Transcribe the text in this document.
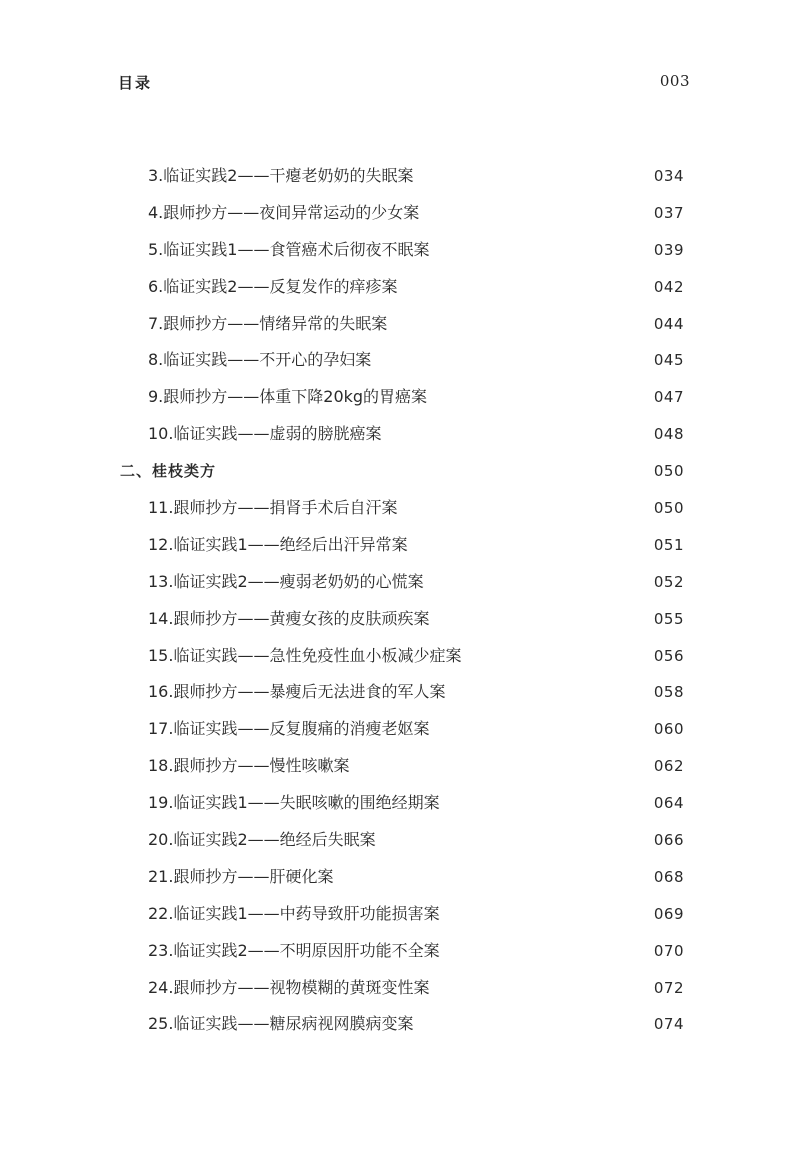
目录	003
3.临证实践2——干瘪老奶奶的失眠案	034
4.跟师抄方——夜间异常运动的少女案	037
5.临证实践1——食管癌术后彻夜不眠案	039
6.临证实践2——反复发作的痒疹案	042
7.跟师抄方——情绪异常的失眠案	044
8.临证实践——不开心的孕妇案	045
9.跟师抄方——体重下降20kg的胃癌案	047
10.临证实践——虚弱的膀胱癌案	048
二、桂枝类方	050
11.跟师抄方——捐肾手术后自汗案	050
12.临证实践1——绝经后出汗异常案	051
13.临证实践2——瘦弱老奶奶的心慌案	052
14.跟师抄方——黄瘦女孩的皮肤顽疾案	055
15.临证实践——急性免疫性血小板减少症案	056
16.跟师抄方——暴瘦后无法进食的军人案	058
17.临证实践——反复腹痛的消瘦老妪案	060
18.跟师抄方——慢性咳嗽案	062
19.临证实践1——失眠咳嗽的围绝经期案	064
20.临证实践2——绝经后失眠案	066
21.跟师抄方——肝硬化案	068
22.临证实践1——中药导致肝功能损害案	069
23.临证实践2——不明原因肝功能不全案	070
24.跟师抄方——视物模糊的黄斑变性案	072
25.临证实践——糖尿病视网膜病变案	074
